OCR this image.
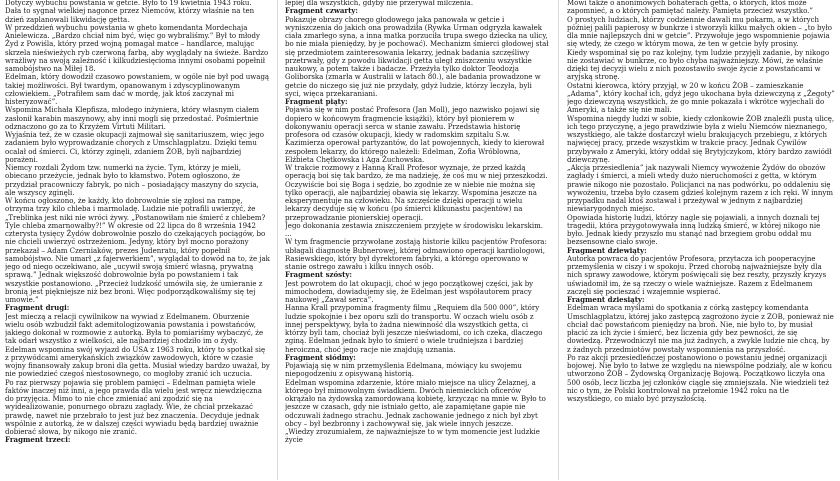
Dotyczy wybuchu powstania w getcie. Było to 19 kwietnia 1943 roku. Dała to sygnał wielkiej nagonce przez Niemców, którzy właśnie na ten dzień zaplanowali likwidację getta.

W przeddzień wybuchu powstania w gheto komendanta Mordechaja Anielewicza. „Bardzo chciał nim być, więc go wybraliśmy.” Był to młody Żyd z Powiśla, który przed wojną pomagał matce – handlarce, malując skrzela nieświeżych ryb czerwoną farbą, aby wyglądały na świeże. Bardzo wrażliwy na swoją zależność i kilkudziesięcioma innymi osobami popełnił samobójstwo na Miłej 18.

Edelman, który dowodził czasowo powstaniem, w ogóle nie był pod uwagą takiej możliwości. Był twardym, opanowanym i zdyscyplinowanym człowiekiem. „Potrafiłem sam dać w mordę, jak ktoś zaczynał mi histeryzować”.

Wspomina Michała Klepfisza, młodego inżyniera, który własnym ciałem zasłonił karabin maszynowy, aby inni mogli się przedostać. Pośmiertnie odznaczono go za to Krzyżem Virtuti Militari.

Wyjaśnia też, że w czasie okupacji zajmował się sanitariuszem, więc jego zadaniem było wyprowadzanie chorych z Umschlagplatzu. Dzięki temu ocalał od śmierci. Ci, którzy zginęli, zdaniem ŻOB, byli najbardziej porażeni.

Niemcy rozdali Żydom tzw. numerki na życie. Tym, którzy je mieli, obiecano przeżycie, jednak było to kłamstwo. Potem ogłoszono, że przydział pracowniczy fabryk, po nich – posiadający maszyny do szycia, ale wszyscy zginęli.

W końcu ogłoszono, że każdy, kto dobrowolnie się zgłosi na rampę, otrzyma trzy kilo chleba i marmoladę. Ludzie nie potrafili uwierzyć, że „Treblinka jest niki nie wróci żywy. „Postanowiłam nie śmierć z chlebem? Tyle chleba zmarnowałby?!” W okresie od 22 lipca do 8 września 1942 czterysta tysięcy Żydów dobrowolnie poszło do czekających pociągów, bo nie chcieli uwierzyć ostrzeżeniom. Jedyny, który był mocno porażony przekazał – Adam Czerniaków, prezes Judenratu, który popełnił samobójstwo. Nie umarł „z fajerwerkiem”, wyglądał to dowód na to, że jak jego od niego oczekiwano, ale „ucywił swoją śmierć własną, prywatną sprawą.” Jednak większość dobrowolnie była po powstaniem i tak wszystkie postanowiono. „Przecież ludzkość umówiła się, że umieranie z bronią jest piękniejsze niż bez broni. Więc podporządkowaliśmy się tej umowie.”

Fragment drugi:

Jest mieczą a relacji cywilnikow na wywiad z Edelmanem. Oburzenie wielu osób wzbudził fakt ademitologizowania powstania i powstańców, jakiego dokonał w rozmowie z autorką. Była to pomiariśmy wybaczyć, że tak odarł wszystko z wielkości, ale najbardziej chodziło im o żydy.

Edelman wspomina swój wyjazd do USA z 1963 roku, który to spotkał się z przywódcami amerykańskich związków zawodowych, które w czasie wojny finansowały zakup broni dla getta. Musiał wiedzy bardzo uważał, by nie powiedzieć czegoś niestosownego, co mogłoby zranić ich uczucia.

Po raz pierwszy pojawia się problem pamięci – Edelman pamięta wiele faktów inaczej niż inni, a jego prawda dla wielu jest wręcz niewdzięczna do przyjęcia. Mimo to nie chce zmieniać ani zgodzić się na wyidealizowanie, ponurnego obrazu zagłady. Wie, że chciał przekazać prawdę, nawet nie przebrało to jest już bez znaczenia. Decyduje jednak wspólnie z autorką, że w dalszej części wywiadu będą bardziej uważnie dobierać słowa, by nikogo nie zranić.

Fragment trzeci:

lepiej dla wszystkich, gdyby nie przerywał milczenia.

Fragment czwarty:

Pokazuje obrazy chorego głodowego jaka panowała w getcie i wyniszczenia do jakich ona prowadziła (Rywka Urman odgryzła kawałek ciała zmarłego syna, a inna matka porzuciła trupa swego dziecka na ulicy, bo nie miała pieniędzy, by je pochować). Mechanizm śmierci głodowej stał się przedmiotem zainteresowania lekarzy, jednak badania szczęśliwy przetrwały, gdy z powodu likwidacji getta uległ zniszczeniu wszystkie naukowy, a potem także i badacze. Przeżyła tylko doktor Teodozja Goliborska (zmarła w Australii w latach 80.), ale badania prowadzone w getcie do niczego się już nie przydały, gdyż ludzie, którzy leczyła, byli syci, więca przekaraniani.

Fragment piąty:

Pojawia się w nim postać Profesora (Jan Moll), jego nazwisko pojawi się dopiero w końcowym fragmencie książki), który był pionierem w dokonywaniu operacji serca w stanie zawału. Przedstawia historię profesora od czasów okupacji, kiedy w radomskim szpitalu S.w. Kazimierza operował partyzantów, do lat powojennych, kiedy to kierował zespołem lekarzy, do którego należeli: Edelman, Zofia Wróblowna, Elżbieta Chętkowska i Aga Żuchowska.

W trakcie rozmowy z Hanną Krall Profesor wyznaje, że przed każdą operacją boi się tak bardzo, że ma nadzieję, że coś mu w niej przeszkodzi. Oczywiście boi się Boga i sędzie, bo zgodnie ze w niebie nie można się tylko operacji, ale najbardziej obawia się lekarzy. Wspomina jeszcze na eksperymentuje na człowieku. Na szczęście dzięki operacji u wielu lekarzy decyduje się w końcu (po śmierci klikunastu pacjentów) na przeprowadzanie pionierskiej operacji.

Jego dokonania zestawia zniszczeniem przyjęte w środowisku lekarskim.

...

W tym fragmencie przywołane zostają historie kilku pacjentów Profesora: ubłagali diagnostę Bubnerowej, której odmawiono operacji kardiologowi, Rasiewskiego, który był dyrektorem fabryki, a którego operowano w stanie ostrego zawału i kilku innych osób.

Fragment szósty:

Jest powrotem do lat okupacji, choć w jego początkowej części, jak by mimochodem, dowiadujemy się, że Edelman jest współautorem pracy naukowej „Zawał serca”.

Hanna Krall przypomina fragmenty filmu „Requiem dla 500 000”, który ludzie spokojnie i bez oporu szli do transportu. W oczach wielu osób z innej perspektywy, była to żadna niewinność dla wszystkich getta, ci którzy byli tam, chociaż byli jeszcze nieświadomi, co ich czeka, dlaczego zginą. Edelman jednak było to śmierć o wiele trudniejsza i bardziej heroiczna, choć jego racje nie znajdują uznania.

Fragment siódmy:

Pojawiają się w nim przemyślenia Edelmana, mówiący ku swojemu niepogodzeniu z opisywaną historią.

Edelman wspomina zdarzenie, które miało miejsce na ulicy Żelaznej, a którego był mimowolnym świadkiem. Dwóch niemieckich oficerów okrążało na żydowską zamordowaną kobietę, krzycząc na mnie w. Było to jeszcze w czasach, gdy nie istniało getto, ale zapamiętane gapie nie odczuwali żadnego strachu. Jednak zachowanie jednego z nich był zbyt obcy – był bezbronny i zachowywał się, jak wiele innych jeszcze.

„Wiedzy zrozumiałem, że najważniejsze to w tym momencie jest ludzkie życie

Mówi także o anonimowych bohaterach getta, o których, ktoś może zapomnieć, a o których pamiętać należy. Pamięta przecież wszystko.”

O prostych ludziach, którzy codziennie dawali mu pokarm, a w których później palili papierosy w bunkrze i stworzyli kilku małych okien – „to było dla mnie najlepszych dni w getcie”. Przywołuje jego wspomnienie pojawia się wtedy, że czego w którym mowa, że ten w getcie były prosiny.

Kiedy wspominał się po raz kolejny, tym ludzie przyjęli zadanie, by nikogo nie zostawiać w bunkrze, co było chyba najważniejszy. Mówi, że właśnie dzięki tej decyzji wielu z nich pozostawiło swoje życie z powstańcami w aryjską stronę.

Ostatni kierowca, który przyjął, w 20 w końcu ŻOB – zamieszkanie „Adama”, który kochał ich, gdyż jego ukochana była dziewczyną z „Żegoty” jego dziewczyną wszystkich, że go mnie pokazała i wkrótce wyjechali do Ameryki, a także się nie mali.

Wspomina niegdy ludzi w sobie, kiedy członkowie ŻOB znaleźli pustą ulicę, ich tego przyczynę, a jego prawdziwie była z wielu Niemców nieznanego, wszystkiego, ale także dostarczył wielu brakujących przebiegu, z których najwięcej pracy, przede wszystkim w trakcie pracy. Jednak Cywilów przybywało z Ameryki, który oddał się Brytyjczykom, który bardzo zawiódł dziewczynę.

„Akcja przesiedlenia” jak nazywali Niemcy wywożenie Żydów do obozów zagłady i śmierci, a mieli wtedy dużo nieruchomości z getta, w którym prawie nikogo nie pozostało. Policjanci na nas podwórku, po oddaleniu się wywożeniu, trzeba było czasem gdzieś kolejnym razem z ich ręki. W innym przypadku nadal ktoś zostawał i przeżywał w jednym z najbardziej niewiarygodnych miejsc.

Opowiada historię ludzi, którzy nagle się pojawiali, a innych doznali tej tragedii, która przygotowywała inną ludzką śmierć, w której nikogo nie było. Jednak kiedy przyszło mu stanąć nad brzegiem grobu oddał mu bezsensowne ciało swoje.

Fragment dziewiąty:

Autorka powraca do pacjentów Profesora, przytacza ich pooperacyjne przemyślenia w ciszy i w spokoju. Przed chorobą najważniejsze były dla nich sprawy zawodowe, którym poświęcali się bez reszty, przyszły kryzys uświadomił im, że są rzeczy o wiele ważniejsze. Razem z Edelmanem zaczęli się pocieszać i wzajemnie wspierać.

Fragment dziesiąty:

Edelman wraca myślami do spotkania z córką zastępcy komendanta Umschlagplatzu, której jako zastępcą zagrożono życie z ZOB, ponieważ nie chciał dać powstańcom pieniędzy na broń. Nie, nie było to, by musiał płacić za ich życie i śmierć, bez liczenia gdy bez pewności, że się dowiedzą. Przewodniczył nie ma już żadnych, a zwykle ludzie nie chcą, by z żadnych przedmiotów powstały wspomnienia na przyszłość.

Po raz akcji przesiedleńczej postanowiono o powstaniu jednej organizacji bojowej. Nie było to łatwe ze względu na niewspólne podziały, ale w końcu utworzono ŻOB – Żydowską Organizację Bojową. Początkowo liczyła ona 500 osób, lecz liczba jej członków ciągle się zmniejszała. Nie wiedzieli też nic o tym, że Polski kontrolował na przełomie 1942 roku na tle wszystkiego, co miało być przyszłością.
